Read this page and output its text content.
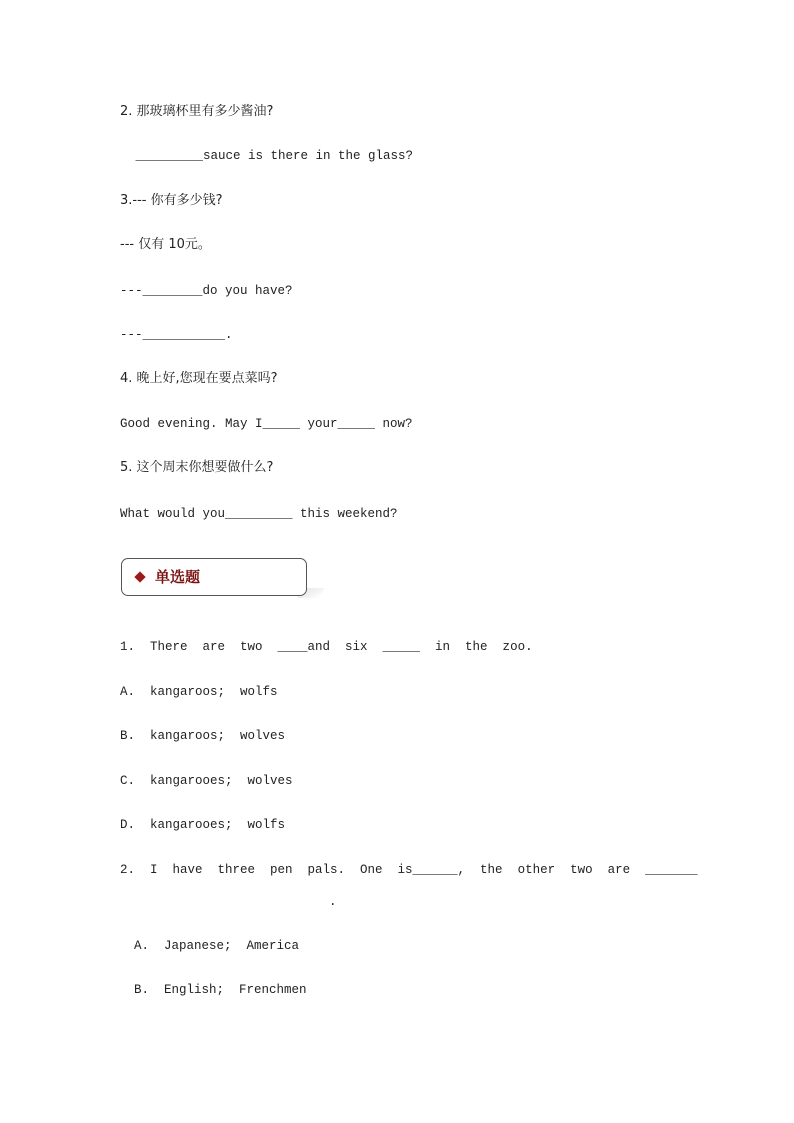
2. 那玻璃杯里有多少酱油?
_________sauce is there in the glass?
3.--- 你有多少钱?
--- 仅有 10元。
---________do you have?
---___________.
4. 晚上好,您现在要点菜吗?
Good evening. May I_____ your_____ now?
5. 这个周末你想要做什么?
What would you_________ this weekend?
单选题
1.  There  are  two  ____and  six  _____  in  the  zoo.
A.  kangaroos;  wolfs
B.  kangaroos;  wolves
C.  kangarooes;  wolves
D.  kangarooes;  wolfs
2.  I  have  three  pen  pals.  One  is______,  the  other  two  are  _______
.
A.  Japanese;  America
B.  English;  Frenchmen
